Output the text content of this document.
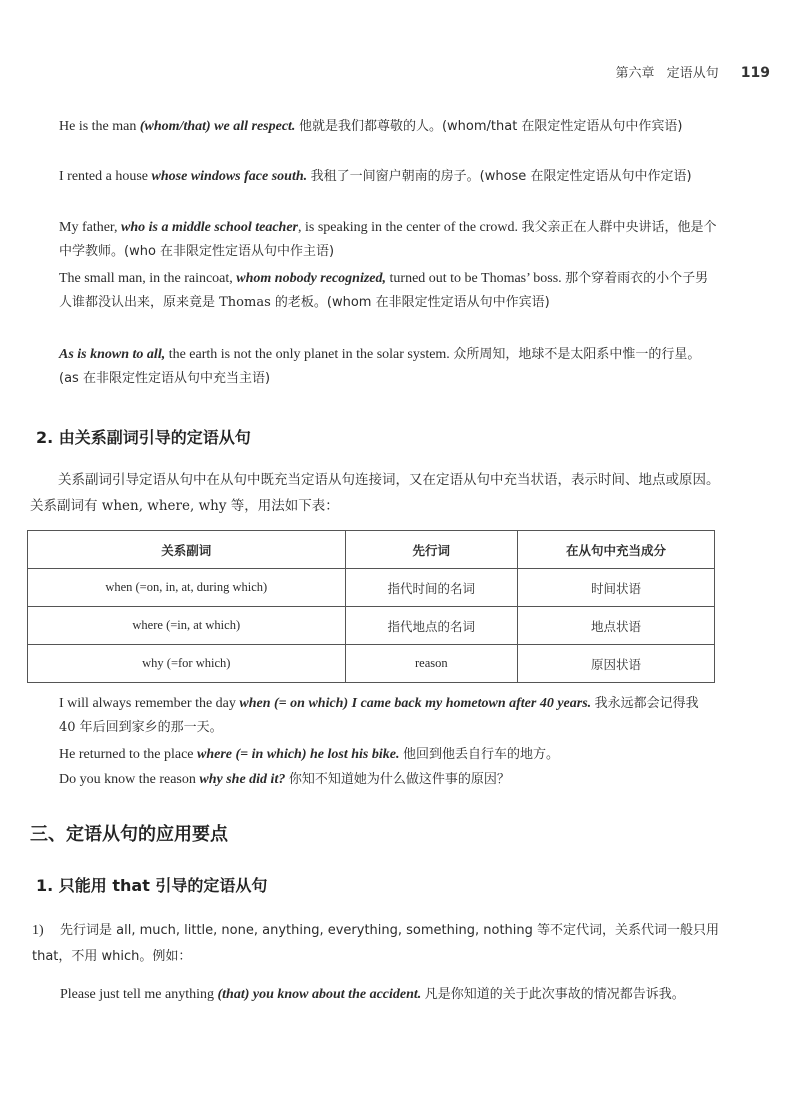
第六章 定语从句 119
He is the man (whom/that) we all respect. 他就是我们都尊敬的人。(whom/that 在限定性定语从句中作宾语)
I rented a house whose windows face south. 我租了一间窗户朝南的房子。(whose 在限定性定语从句中作定语)
My father, who is a middle school teacher, is speaking in the center of the crowd. 我父亲正在人群中央讲话，他是个中学教师。(who 在非限定性定语从句中作主语)
The small man, in the raincoat, whom nobody recognized, turned out to be Thomas’ boss. 那个穿着雨衣的小个子男人谁都没认出来，原来竟是 Thomas 的老板。(whom 在非限定性定语从句中作宾语)
As is known to all, the earth is not the only planet in the solar system. 众所周知，地球不是太阳系中惟一的行星。(as 在非限定性定语从句中充当主语)
2. 由关系副词引导的定语从句
关系副词引导定语从句中在从句中既充当定语从句连接词，又在定语从句中充当状语，表示时间、地点或原因。关系副词有 when, where, why 等，用法如下表：
关系副词	先行词	在从句中充当成分
when (=on, in, at, during which)	指代时间的名词	时间状语
where (=in, at which)	指代地点的名词	地点状语
why (=for which)	reason	原因状语
I will always remember the day when (= on which) I came back my hometown after 40 years. 我永远都会记得我 40 年后回到家乡的那一天。
He returned to the place where (= in which) he lost his bike. 他回到他丢自行车的地方。
Do you know the reason why she did it? 你知不知道她为什么做这件事的原因？
三、定语从句的应用要点
1. 只能用 that 引导的定语从句
1) 先行词是 all, much, little, none, anything, everything, something, nothing 等不定代词，关系代词一般只用 that，不用 which。例如：
Please just tell me anything (that) you know about the accident. 凡是你知道的关于此次事故的情况都告诉我。
